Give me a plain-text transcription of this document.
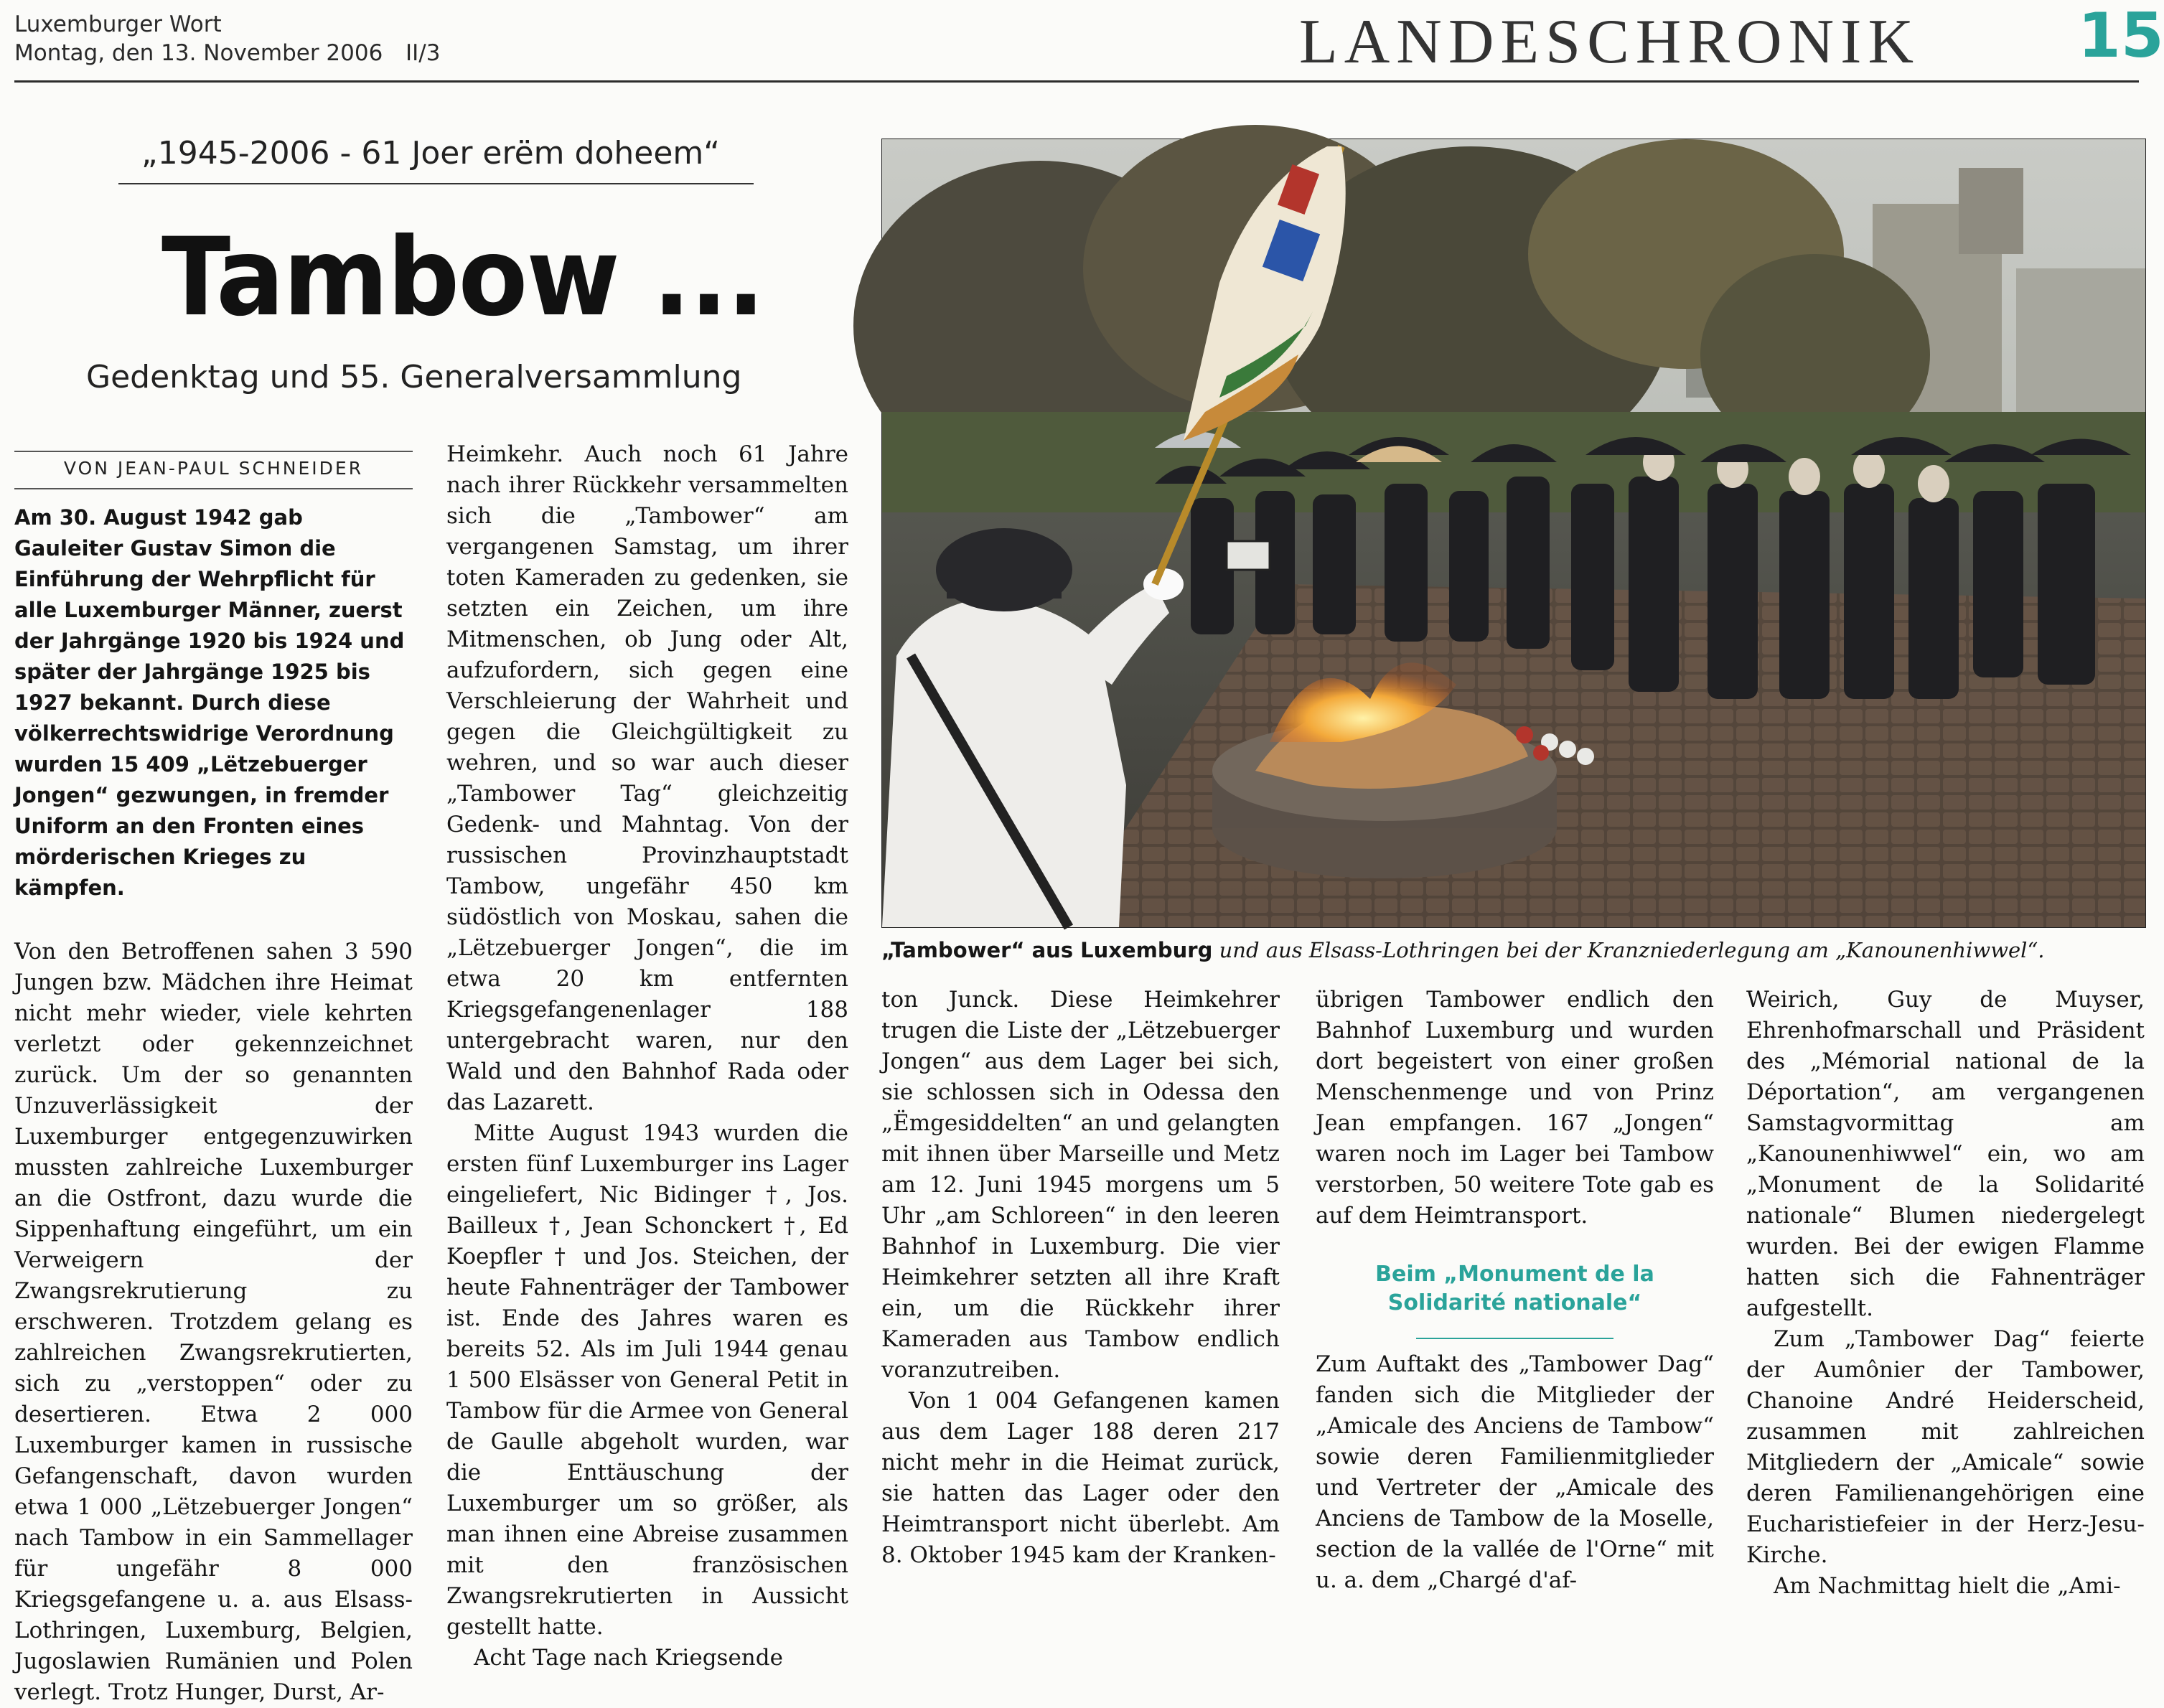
Luxemburger Wort
Montag, den 13. November 2006 II/3	LANDESCHRONIK	15
„1945-2006 - 61 Joer erëm doheem“
Tambow ...
Gedenktag und 55. Generalversammlung
VON JEAN-PAUL SCHNEIDER

Am 30. August 1942 gab Gauleiter Gustav Simon die Einführung der Wehrpflicht für alle Luxemburger Männer, zuerst der Jahrgänge 1920 bis 1924 und später der Jahrgänge 1925 bis 1927 bekannt. Durch diese völkerrechtswidrige Verordnung wurden 15 409 „Lëtzebuerger Jongen“ gezwungen, in fremder Uniform an den Fronten eines mörderischen Krieges zu kämpfen.

Von den Betroffenen sahen 3 590 Jungen bzw. Mädchen ihre Heimat nicht mehr wieder, viele kehrten verletzt oder gekennzeichnet zurück. Um der so genannten Unzuverlässigkeit der Luxemburger entgegenzuwirken mussten zahlreiche Luxemburger an die Ostfront, dazu wurde die Sippenhaftung eingeführt, um ein Verweigern der Zwangsrekrutierung zu erschweren. Trotzdem gelang es zahlreichen Zwangsrekrutierten, sich zu „verstoppen“ oder zu desertieren. Etwa 2 000 Luxemburger kamen in russische Gefangenschaft, davon wurden etwa 1 000 „Lëtzebuerger Jongen“ nach Tambow in ein Sammellager für ungefähr 8 000 Kriegsgefangene u. a. aus Elsass-Lothringen, Luxemburg, Belgien, Jugoslawien Rumänien und Polen verlegt. Trotz Hunger, Durst, Ar-

Heimkehr. Auch noch 61 Jahre nach ihrer Rückkehr versammelten sich die „Tambower“ am vergangenen Samstag, um ihrer toten Kameraden zu gedenken, sie setzten ein Zeichen, um ihre Mitmenschen, ob Jung oder Alt, aufzufordern, sich gegen eine Verschleierung der Wahrheit und gegen die Gleichgültigkeit zu wehren, und so war auch dieser „Tambower Tag“ gleichzeitig Gedenk- und Mahntag. Von der russischen Provinzhauptstadt Tambow, ungefähr 450 km südöstlich von Moskau, sahen die „Lëtzebuerger Jongen“, die im etwa 20 km entfernten Kriegsgefangenenlager 188 untergebracht waren, nur den Wald und den Bahnhof Rada oder das Lazarett.

Mitte August 1943 wurden die ersten fünf Luxemburger ins Lager eingeliefert, Nic Bidinger †, Jos. Bailleux †, Jean Schonckert †, Ed Koepfler † und Jos. Steichen, der heute Fahnenträger der Tambower ist. Ende des Jahres waren es bereits 52. Als im Juli 1944 genau 1 500 Elsässer von General Petit in Tambow für die Armee von General de Gaulle abgeholt wurden, war die Enttäuschung der Luxemburger um so größer, als man ihnen eine Abreise zusammen mit den französischen Zwangsrekrutierten in Aussicht gestellt hatte.

Acht Tage nach Kriegsende

„Tambower“ aus Luxemburg und aus Elsass-Lothringen bei der Kranzniederlegung am „Kanounenhiwwel“.

ton Junck. Diese Heimkehrer trugen die Liste der „Lëtzebuerger Jongen“ aus dem Lager bei sich, sie schlossen sich in Odessa den „Ëmgesiddelten“ an und gelangten mit ihnen über Marseille und Metz am 12. Juni 1945 morgens um 5 Uhr „am Schloreen“ in den leeren Bahnhof in Luxemburg. Die vier Heimkehrer setzten all ihre Kraft ein, um die Rückkehr ihrer Kameraden aus Tambow endlich voranzutreiben.

Von 1 004 Gefangenen kamen aus dem Lager 188 deren 217 nicht mehr in die Heimat zurück, sie hatten das Lager oder den Heimtransport nicht überlebt. Am 8. Oktober 1945 kam der Kranken-

übrigen Tambower endlich den Bahnhof Luxemburg und wurden dort begeistert von einer großen Menschenmenge und von Prinz Jean empfangen. 167 „Jongen“ waren noch im Lager bei Tambow verstorben, 50 weitere Tote gab es auf dem Heimtransport.

Beim „Monument de la Solidarité nationale“

Zum Auftakt des „Tambower Dag“ fanden sich die Mitglieder der „Amicale des Anciens de Tambow“ sowie deren Familienmitglieder und Vertreter der „Amicale des Anciens de Tambow de la Moselle, section de la vallée de l'Orne“ mit u. a. dem „Chargé d'af-

Weirich, Guy de Muyser, Ehrenhofmarschall und Präsident des „Mémorial national de la Déportation“, am vergangenen Samstagvormittag am „Kanounenhiwwel“ ein, wo am „Monument de la Solidarité nationale“ Blumen niedergelegt wurden. Bei der ewigen Flamme hatten sich die Fahnenträger aufgestellt.

Zum „Tambower Dag“ feierte der Aumônier der Tambower, Chanoine André Heiderscheid, zusammen mit zahlreichen Mitgliedern der „Amicale“ sowie deren Familienangehörigen eine Eucharistiefeier in der Herz-Jesu-Kirche.

Am Nachmittag hielt die „Ami-
